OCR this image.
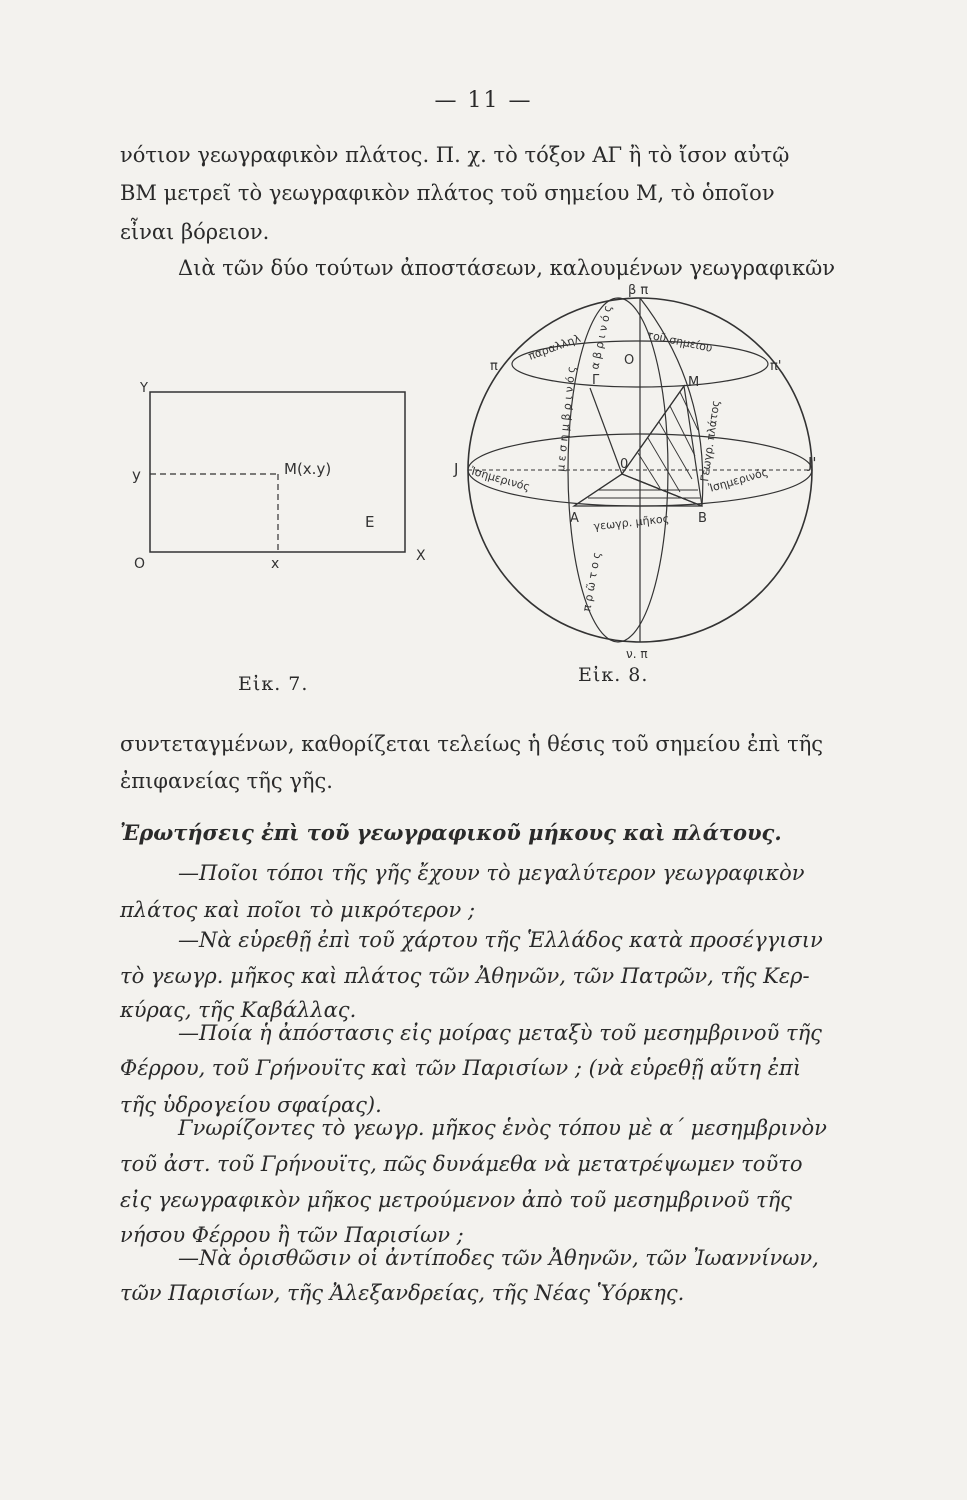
— 11 —
νότιον γεωγραφικὸν πλάτος. Π. χ. τὸ τόξον ΑΓ ἢ τὸ ἴσον αὐτῷ
ΒΜ μετρεῖ τὸ γεωγραφικὸν πλάτος τοῦ σημείου Μ, τὸ ὁποῖον
εἶναι βόρειον.
Διὰ τῶν δύο τούτων ἀποστάσεων, καλουμένων γεωγραφικῶν
Υ
y
Ο	x	Χ
Μ(x.y)
Ε
Εἰκ. 7.
β π
ν. π
π	π'
J	J'
Ο
0
Γ	Μ
Α	Β
παραλληλ	τοῦ σημείου
α β ρ ι ν ό ς
μ ε σ η μ β ρ ι ν ό ς
π ρ ῶ τ ο ς
Ἰσημερινός	Ἰσημερινός
Γεωγρ. πλάτος
γεωγρ. μῆκος
Εἰκ. 8.
συντεταγμένων, καθορίζεται τελείως ἡ θέσις τοῦ σημείου ἐπὶ τῆς
ἐπιφανείας τῆς γῆς.
Ἐρωτήσεις ἐπὶ τοῦ γεωγραφικοῦ μήκους καὶ πλάτους.
—Ποῖοι τόποι τῆς γῆς ἔχουν τὸ μεγαλύτερον γεωγραφικὸν
πλάτος καὶ ποῖοι τὸ μικρότερον ;
—Νὰ εὑρεθῇ ἐπὶ τοῦ χάρτου τῆς Ἑλλάδος κατὰ προσέγγισιν
τὸ γεωγρ. μῆκος καὶ πλάτος τῶν Ἀθηνῶν, τῶν Πατρῶν, τῆς Κερ-
κύρας, τῆς Καβάλλας.
—Ποία ἡ ἀπόστασις εἰς μοίρας μεταξὺ τοῦ μεσημβρινοῦ τῆς
Φέρρου, τοῦ Γρήνουϊτς καὶ τῶν Παρισίων ; (νὰ εὑρεθῇ αὕτη ἐπὶ
τῆς ὑδρογείου σφαίρας).
Γνωρίζοντες τὸ γεωγρ. μῆκος ἑνὸς τόπου μὲ α΄ μεσημβρινὸν
τοῦ ἀστ. τοῦ Γρήνουϊτς, πῶς δυνάμεθα νὰ μετατρέψωμεν τοῦτο
εἰς γεωγραφικὸν μῆκος μετρούμενον ἀπὸ τοῦ μεσημβρινοῦ τῆς
νήσου Φέρρου ἢ τῶν Παρισίων ;
—Νὰ ὁρισθῶσιν οἱ ἀντίποδες τῶν Ἀθηνῶν, τῶν Ἰωαννίνων,
τῶν Παρισίων, τῆς Ἀλεξανδρείας, τῆς Νέας Ὑόρκης.
